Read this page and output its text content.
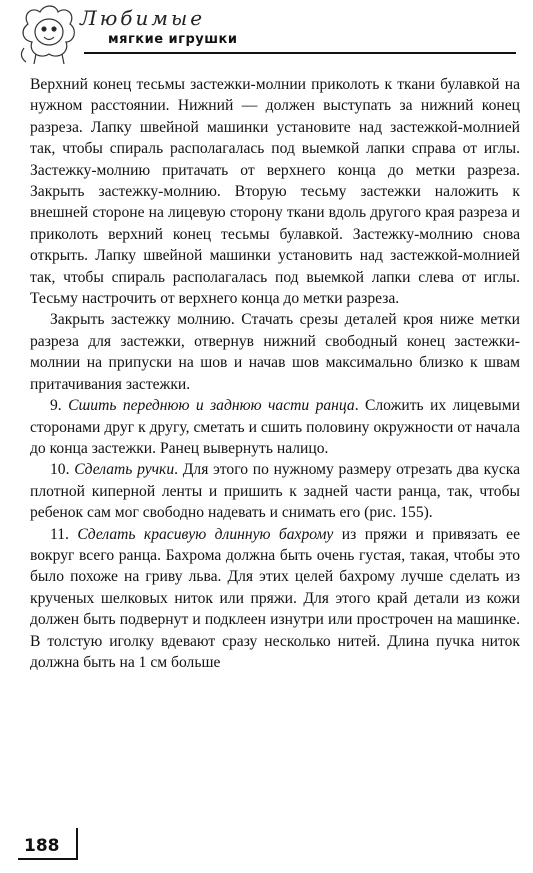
Любимые
мягкие игрушки

Верхний конец тесьмы застежки-молнии приколоть к ткани булавкой на нужном расстоянии. Нижний — должен выступать за нижний конец разреза. Лапку швейной машинки установите над застежкой-молнией так, чтобы спираль располагалась под выемкой лапки справа от иглы. Застежку-молнию притачать от верхнего конца до метки разреза. Закрыть застежку-молнию. Вторую тесьму застежки наложить к внешней стороне на лицевую сторону ткани вдоль другого края разреза и приколоть верхний конец тесьмы булавкой. Застежку-молнию снова открыть. Лапку швейной машинки установить над застежкой-молнией так, чтобы спираль располагалась под выемкой лапки слева от иглы. Тесьму настрочить от верхнего конца до метки разреза.

Закрыть застежку молнию. Стачать срезы деталей кроя ниже метки разреза для застежки, отвернув нижний свободный конец застежки-молнии на припуски на шов и начав шов максимально близко к швам притачивания застежки.

9. Сшить переднюю и заднюю части ранца. Сложить их лицевыми сторонами друг к другу, сметать и сшить половину окружности от начала до конца застежки. Ранец вывернуть налицо.

10. Сделать ручки. Для этого по нужному размеру отрезать два куска плотной киперной ленты и пришить к задней части ранца, так, чтобы ребенок сам мог свободно надевать и снимать его (рис. 155).

11. Сделать красивую длинную бахрому из пряжи и привязать ее вокруг всего ранца. Бахрома должна быть очень густая, такая, чтобы это было похоже на гриву льва. Для этих целей бахрому лучше сделать из крученых шелковых ниток или пряжи. Для этого край детали из кожи должен быть подвернут и подклеен изнутри или прострочен на машинке. В толстую иголку вдевают сразу несколько нитей. Длина пучка ниток должна быть на 1 см больше

188
